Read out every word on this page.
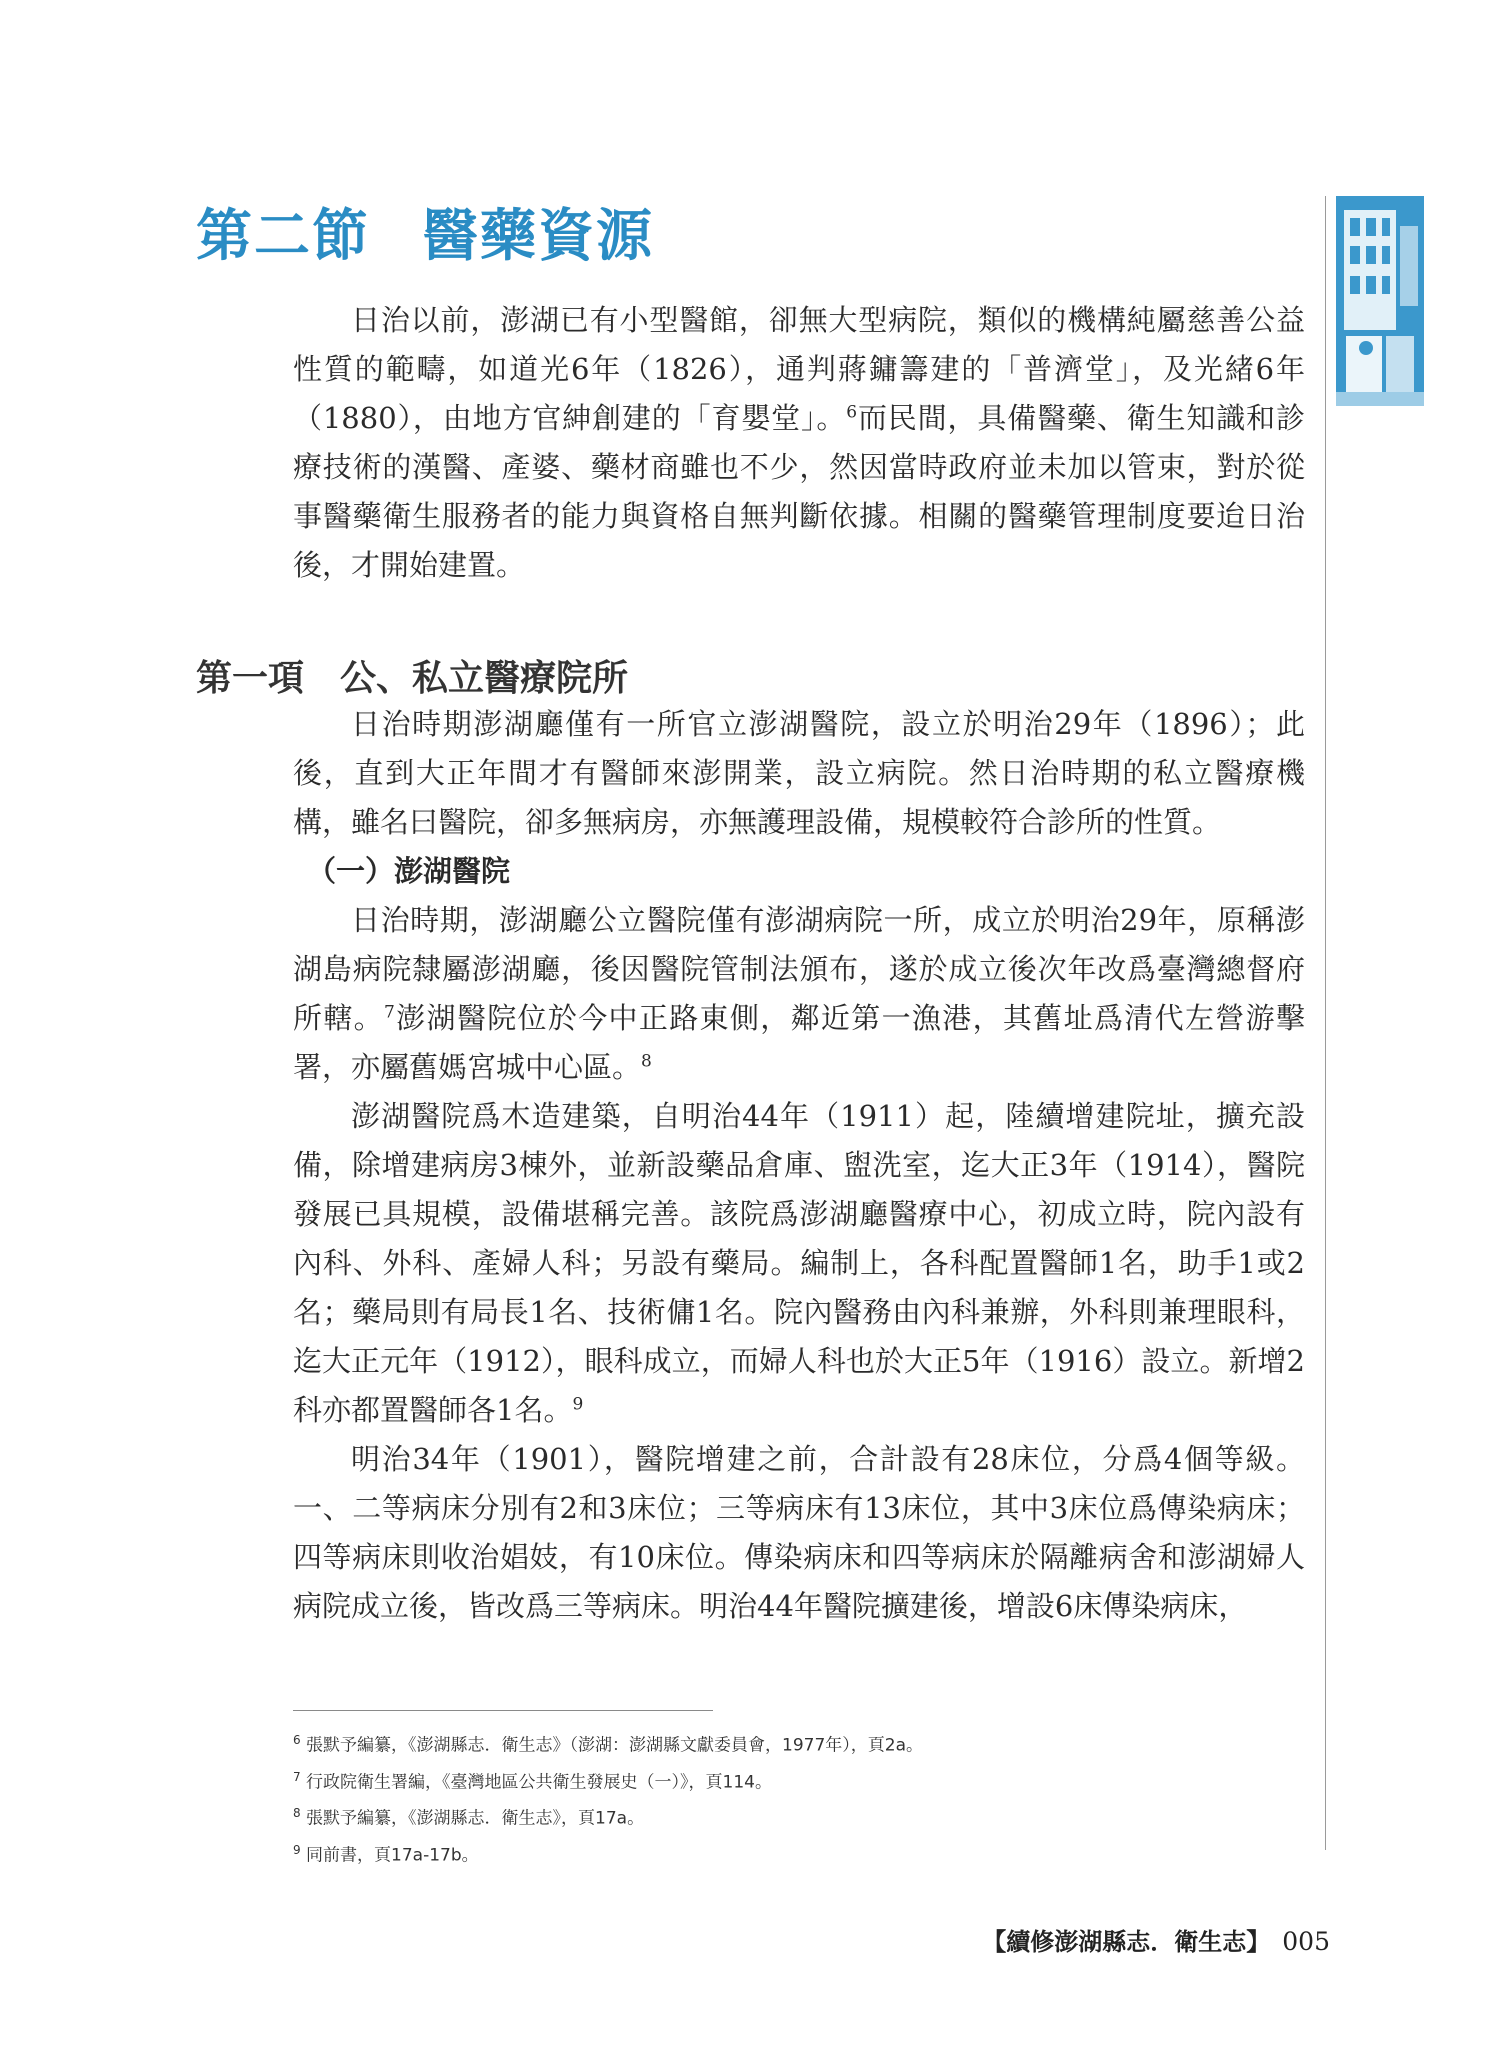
第二節 醫藥資源

日治以前，澎湖已有小型醫館，卻無大型病院，類似的機構純屬慈善公益性質的範疇，如道光6年（1826），通判蔣鏞籌建的「普濟堂」，及光緒6年（1880），由地方官紳創建的「育嬰堂」。$^6$而民間，具備醫藥、衛生知識和診療技術的漢醫、產婆、藥材商雖也不少，然因當時政府並未加以管束，對於從事醫藥衛生服務者的能力與資格自無判斷依據。相關的醫藥管理制度要迨日治後，才開始建置。

第一項 公、私立醫療院所

日治時期澎湖廳僅有一所官立澎湖醫院，設立於明治29年（1896）；此後，直到大正年間才有醫師來澎開業，設立病院。然日治時期的私立醫療機構，雖名曰醫院，卻多無病房，亦無護理設備，規模較符合診所的性質。

（一）澎湖醫院

日治時期，澎湖廳公立醫院僅有澎湖病院一所，成立於明治29年，原稱澎湖島病院隸屬澎湖廳，後因醫院管制法頒布，遂於成立後次年改爲臺灣總督府所轄。$^7$澎湖醫院位於今中正路東側，鄰近第一漁港，其舊址爲清代左營游擊署，亦屬舊媽宮城中心區。$^8$

澎湖醫院爲木造建築，自明治44年（1911）起，陸續增建院址，擴充設備，除增建病房3棟外，並新設藥品倉庫、盥洗室，迄大正3年（1914），醫院發展已具規模，設備堪稱完善。該院爲澎湖廳醫療中心，初成立時，院內設有內科、外科、產婦人科；另設有藥局。編制上，各科配置醫師1名，助手1或2名；藥局則有局長1名、技術傭1名。院內醫務由內科兼辦，外科則兼理眼科，迄大正元年（1912），眼科成立，而婦人科也於大正5年（1916）設立。新增2科亦都置醫師各1名。$^9$

明治34年（1901），醫院增建之前，合計設有28床位，分爲4個等級。一、二等病床分別有2和3床位；三等病床有13床位，其中3床位爲傳染病床；四等病床則收治娼妓，有10床位。傳染病床和四等病床於隔離病舍和澎湖婦人病院成立後，皆改爲三等病床。明治44年醫院擴建後，增設6床傳染病床，

$^6$ 張默予編纂，《澎湖縣志．衛生志》（澎湖：澎湖縣文獻委員會，1977年），頁2a。
$^7$ 行政院衛生署編，《臺灣地區公共衛生發展史（一）》，頁114。
$^8$ 張默予編纂，《澎湖縣志．衛生志》，頁17a。
$^9$ 同前書，頁17a-17b。
【續修澎湖縣志．衛生志】 005
